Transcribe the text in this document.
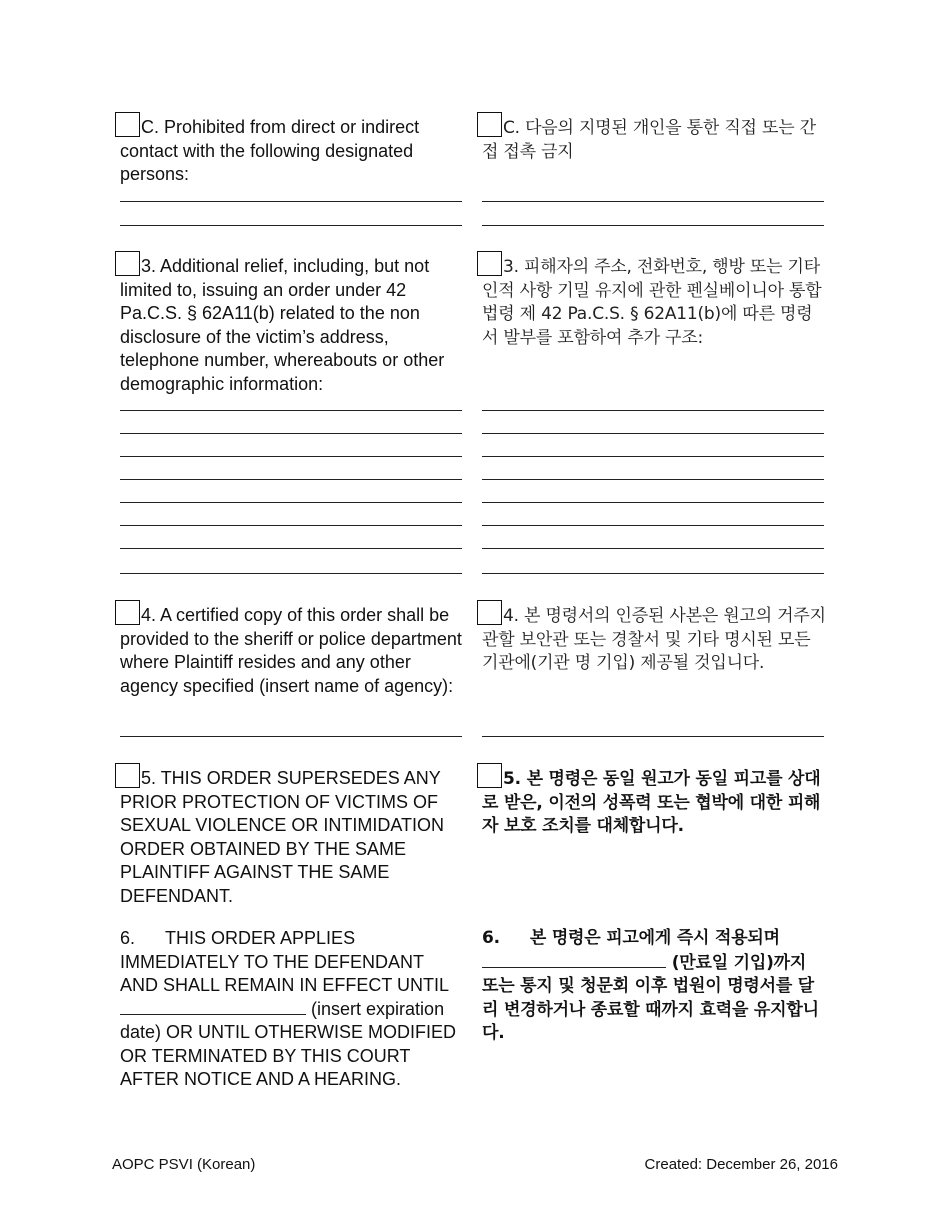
C. Prohibited from direct or indirect contact with the following designated persons:

3. Additional relief, including, but not limited to, issuing an order under 42 Pa.C.S. § 62A11(b) related to the non disclosure of the victim’s address, telephone number, whereabouts or other demographic information:

4. A certified copy of this order shall be provided to the sheriff or police department where Plaintiff resides and any other agency specified (insert name of agency):

5. THIS ORDER SUPERSEDES ANY PRIOR PROTECTION OF VICTIMS OF SEXUAL VIOLENCE OR INTIMIDATION ORDER OBTAINED BY THE SAME PLAINTIFF AGAINST THE SAME DEFENDANT.

6. THIS ORDER APPLIES IMMEDIATELY TO THE DEFENDANT AND SHALL REMAIN IN EFFECT UNTIL  (insert expiration date) OR UNTIL OTHERWISE MODIFIED OR TERMINATED BY THIS COURT AFTER NOTICE AND A HEARING.

C. 다음의 지명된 개인을 통한 직접 또는 간접 접촉 금지

3. 피해자의 주소, 전화번호, 행방 또는 기타 인적 사항 기밀 유지에 관한 펜실베이니아 통합 법령 제 42 Pa.C.S. § 62A11(b)에 따른 명령서 발부를 포함하여 추가 구조:

4. 본 명령서의 인증된 사본은 원고의 거주지 관할 보안관 또는 경찰서 및 기타 명시된 모든 기관에(기관 명 기입) 제공될 것입니다.

5. 본 명령은 동일 원고가 동일 피고를 상대로 받은, 이전의 성폭력 또는 협박에 대한 피해자 보호 조치를 대체합니다.

6. 본 명령은 피고에게 즉시 적용되며  (만료일 기입)까지 또는 통지 및 청문회 이후 법원이 명령서를 달리 변경하거나 종료할 때까지 효력을 유지합니다.

AOPC PSVI (Korean)	Created: December 26, 2016
